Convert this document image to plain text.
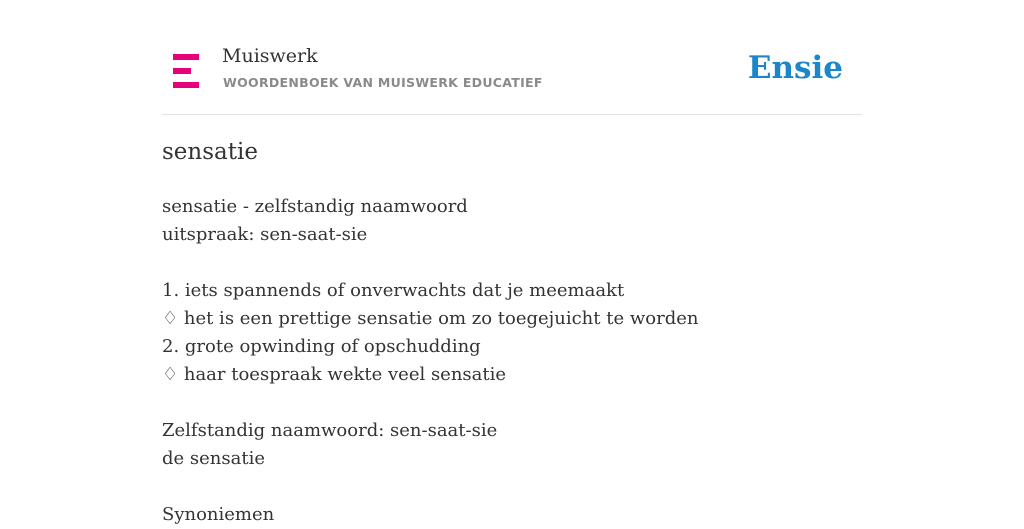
Muiswerk
WOORDENBOEK VAN MUISWERK EDUCATIEF	Ensie
sensatie
sensatie - zelfstandig naamwoord
uitspraak: sen-saat-sie
1. iets spannends of onverwachts dat je meemaakt
♢ het is een prettige sensatie om zo toegejuicht te worden
2. grote opwinding of opschudding
♢ haar toespraak wekte veel sensatie
Zelfstandig naamwoord: sen-saat-sie
de sensatie
Synoniemen
